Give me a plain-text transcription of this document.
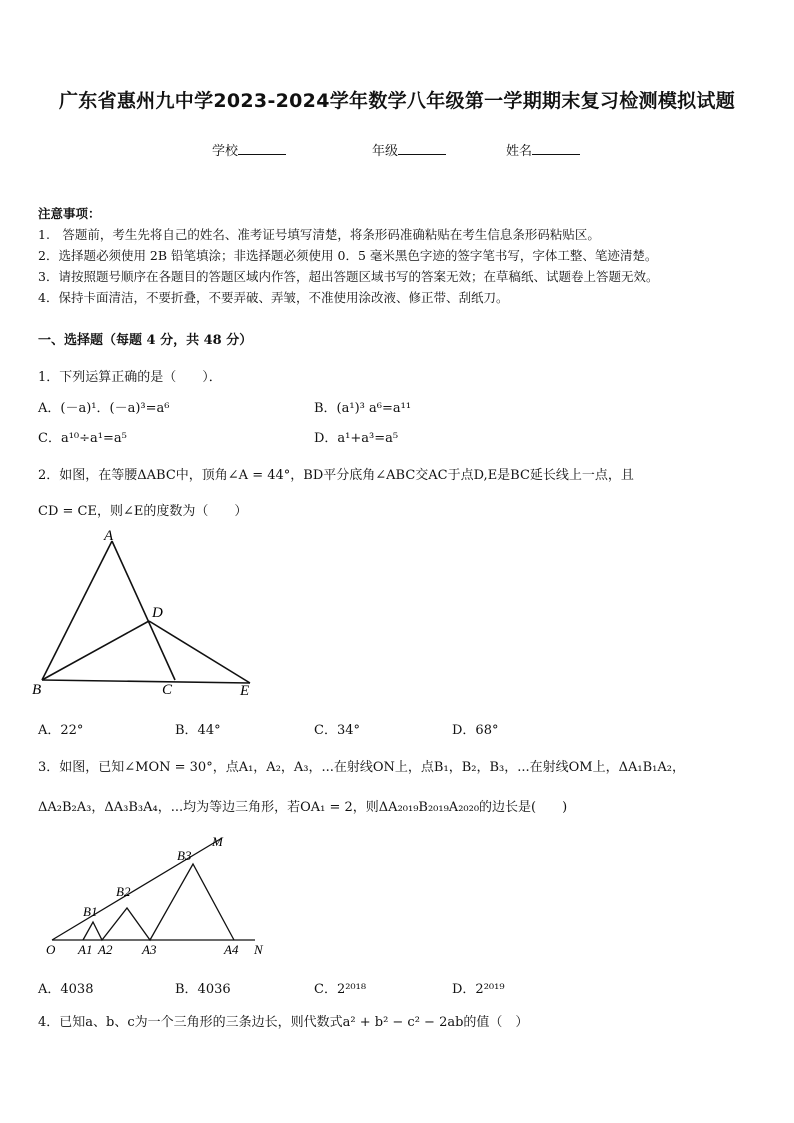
广东省惠州九中学2023-2024学年数学八年级第一学期期末复习检测模拟试题
学校	年级	姓名
注意事项：
1.　答题前，考生先将自己的姓名、准考证号填写清楚，将条形码准确粘贴在考生信息条形码粘贴区。
2．选择题必须使用 2B 铅笔填涂；非选择题必须使用 0．5 毫米黑色字迹的签字笔书写，字体工整、笔迹清楚。
3．请按照题号顺序在各题目的答题区域内作答，超出答题区域书写的答案无效；在草稿纸、试题卷上答题无效。
4．保持卡面清洁，不要折叠，不要弄破、弄皱，不准使用涂改液、修正带、刮纸刀。
一、选择题（每题 4 分，共 48 分）
1．下列运算正确的是（　　）．
A．(－a)¹．(－a)³=a⁶	B．(a¹)³ a⁶=a¹¹
C．a¹⁰÷a¹=a⁵	D．a¹+a³=a⁵
2．如图，在等腰ΔABC中，顶角∠A = 44°，BD平分底角∠ABC交AC于点D,E是BC延长线上一点，且
CD = CE，则∠E的度数为（　　）
A
D
B	C	E
A．22°	B．44°	C．34°	D．68°
3．如图，已知∠MON = 30°，点A₁，A₂，A₃，...在射线ON上，点B₁，B₂，B₃，...在射线OM上，ΔA₁B₁A₂，
ΔA₂B₂A₃，ΔA₃B₃A₄，...均为等边三角形，若OA₁ = 2，则ΔA₂₀₁₉B₂₀₁₉A₂₀₂₀的边长是(　　)
M
B3
B2
B1
O A1 A2 A3	A4 N
A．4038	B．4036	C．2²⁰¹⁸	D．2²⁰¹⁹
4．已知a、b、c为一个三角形的三条边长，则代数式a² + b² − c² − 2ab的值（　）
